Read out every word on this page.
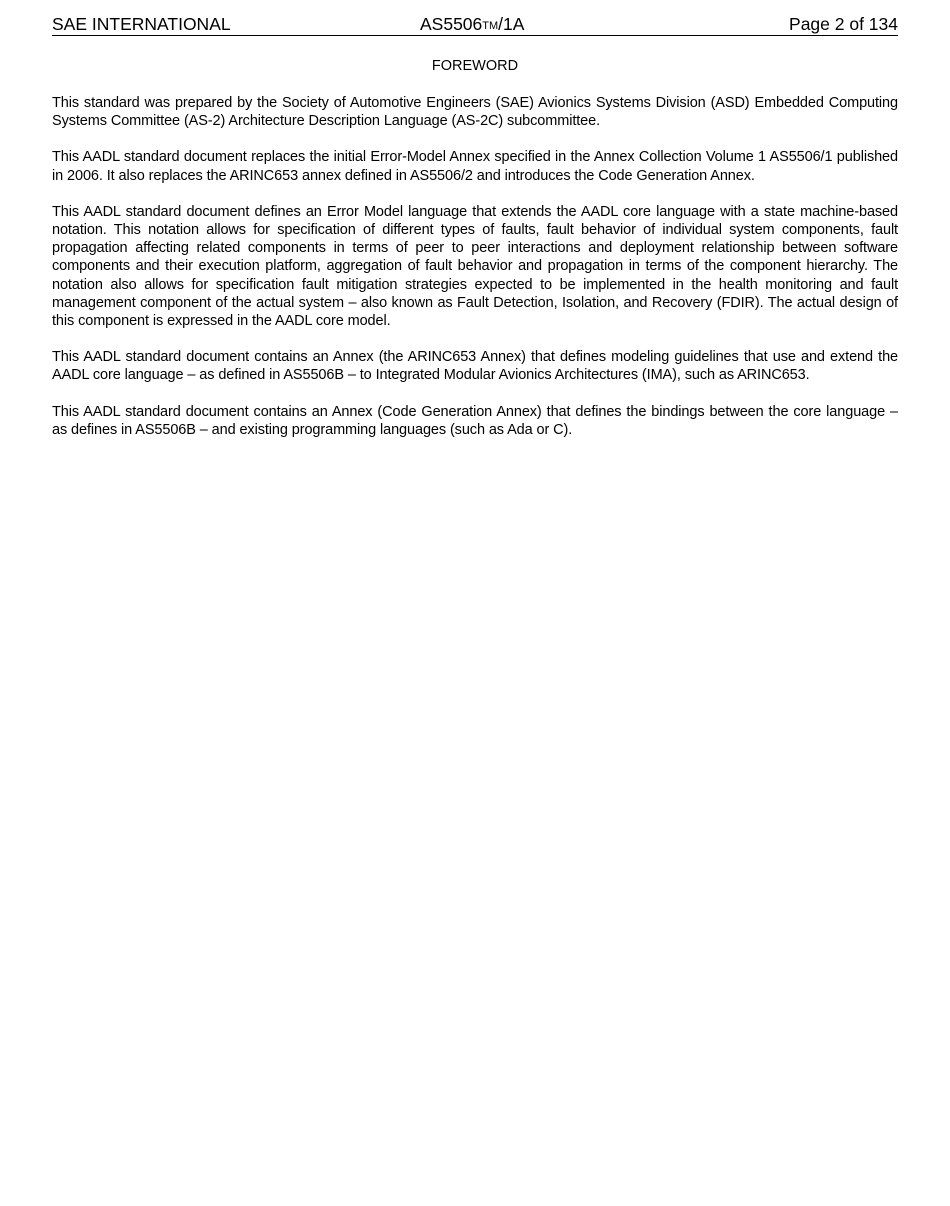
SAE INTERNATIONAL	AS5506TM/1A	Page 2 of 134
FOREWORD

This standard was prepared by the Society of Automotive Engineers (SAE) Avionics Systems Division (ASD) Embedded Computing Systems Committee (AS-2) Architecture Description Language (AS-2C) subcommittee.

This AADL standard document replaces the initial Error-Model Annex specified in the Annex Collection Volume 1 AS5506/1 published in 2006. It also replaces the ARINC653 annex defined in AS5506/2 and introduces the Code Generation Annex.

This AADL standard document defines an Error Model language that extends the AADL core language with a state machine-based notation. This notation allows for specification of different types of faults, fault behavior of individual system components, fault propagation affecting related components in terms of peer to peer interactions and deployment relationship between software components and their execution platform, aggregation of fault behavior and propagation in terms of the component hierarchy. The notation also allows for specification fault mitigation strategies expected to be implemented in the health monitoring and fault management component of the actual system – also known as Fault Detection, Isolation, and Recovery (FDIR). The actual design of this component is expressed in the AADL core model.

This AADL standard document contains an Annex (the ARINC653 Annex) that defines modeling guidelines that use and extend the AADL core language – as defined in AS5506B – to Integrated Modular Avionics Architectures (IMA), such as ARINC653.

This AADL standard document contains an Annex (Code Generation Annex) that defines the bindings between the core language – as defines in AS5506B – and existing programming languages (such as Ada or C).
